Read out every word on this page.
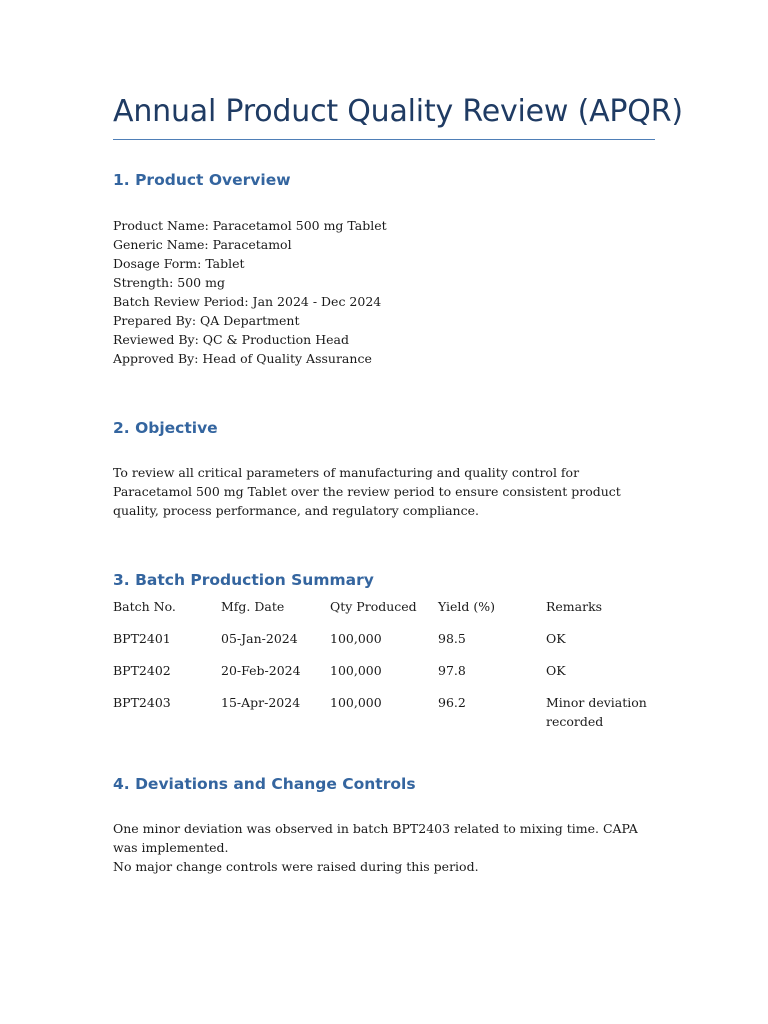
Annual Product Quality Review (APQR)
1. Product Overview
Product Name: Paracetamol 500 mg Tablet
Generic Name: Paracetamol
Dosage Form: Tablet
Strength: 500 mg
Batch Review Period: Jan 2024 - Dec 2024
Prepared By: QA Department
Reviewed By: QC & Production Head
Approved By: Head of Quality Assurance
2. Objective
To review all critical parameters of manufacturing and quality control for Paracetamol 500 mg Tablet over the review period to ensure consistent product quality, process performance, and regulatory compliance.
3. Batch Production Summary
Batch No.	Mfg. Date	Qty Produced	Yield (%)	Remarks
BPT2401	05-Jan-2024	100,000	98.5	OK
BPT2402	20-Feb-2024	100,000	97.8	OK
BPT2403	15-Apr-2024	100,000	96.2	Minor deviation recorded
4. Deviations and Change Controls
One minor deviation was observed in batch BPT2403 related to mixing time. CAPA was implemented.
No major change controls were raised during this period.
